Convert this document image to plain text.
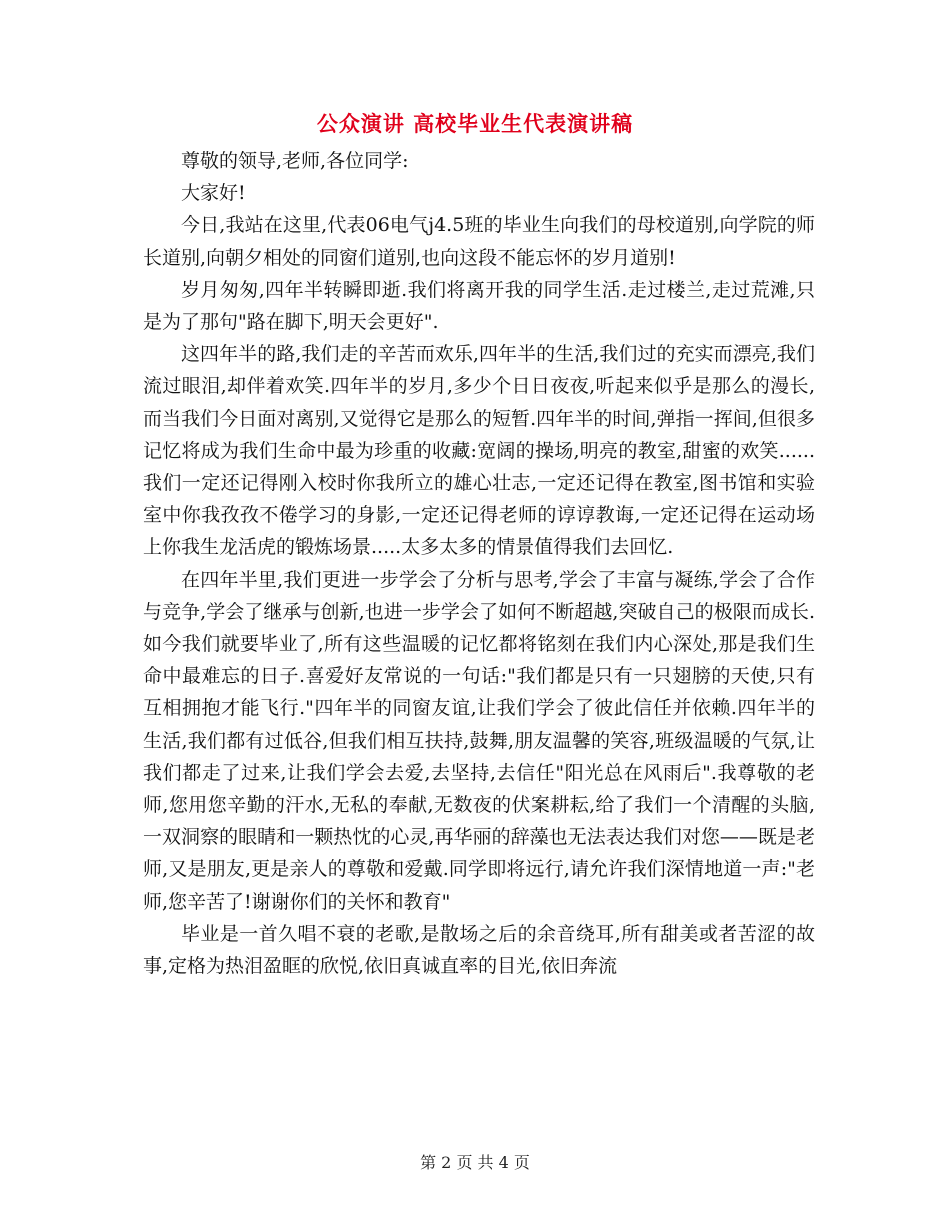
公众演讲 高校毕业生代表演讲稿

尊敬的领导,老师,各位同学:

大家好!

今日,我站在这里,代表06电气j4.5班的毕业生向我们的母校道别,向学院的师长道别,向朝夕相处的同窗们道别,也向这段不能忘怀的岁月道别!

岁月匆匆,四年半转瞬即逝.我们将离开我的同学生活.走过楼兰,走过荒滩,只是为了那句"路在脚下,明天会更好".

这四年半的路,我们走的辛苦而欢乐,四年半的生活,我们过的充实而漂亮,我们流过眼泪,却伴着欢笑.四年半的岁月,多少个日日夜夜,听起来似乎是那么的漫长,而当我们今日面对离别,又觉得它是那么的短暂.四年半的时间,弹指一挥间,但很多记忆将成为我们生命中最为珍重的收藏:宽阔的操场,明亮的教室,甜蜜的欢笑......我们一定还记得刚入校时你我所立的雄心壮志,一定还记得在教室,图书馆和实验室中你我孜孜不倦学习的身影,一定还记得老师的谆谆教诲,一定还记得在运动场上你我生龙活虎的锻炼场景.....太多太多的情景值得我们去回忆.

在四年半里,我们更进一步学会了分析与思考,学会了丰富与凝练,学会了合作与竞争,学会了继承与创新,也进一步学会了如何不断超越,突破自己的极限而成长.如今我们就要毕业了,所有这些温暖的记忆都将铭刻在我们内心深处,那是我们生命中最难忘的日子.喜爱好友常说的一句话:"我们都是只有一只翅膀的天使,只有互相拥抱才能飞行."四年半的同窗友谊,让我们学会了彼此信任并依赖.四年半的生活,我们都有过低谷,但我们相互扶持,鼓舞,朋友温馨的笑容,班级温暖的气氛,让我们都走了过来,让我们学会去爱,去坚持,去信任"阳光总在风雨后".我尊敬的老师,您用您辛勤的汗水,无私的奉献,无数夜的伏案耕耘,给了我们一个清醒的头脑,一双洞察的眼睛和一颗热忱的心灵,再华丽的辞藻也无法表达我们对您——既是老师,又是朋友,更是亲人的尊敬和爱戴.同学即将远行,请允许我们深情地道一声:"老师,您辛苦了!谢谢你们的关怀和教育"

毕业是一首久唱不衰的老歌,是散场之后的余音绕耳,所有甜美或者苦涩的故事,定格为热泪盈眶的欣悦,依旧真诚直率的目光,依旧奔流

第 2 页 共 4 页
